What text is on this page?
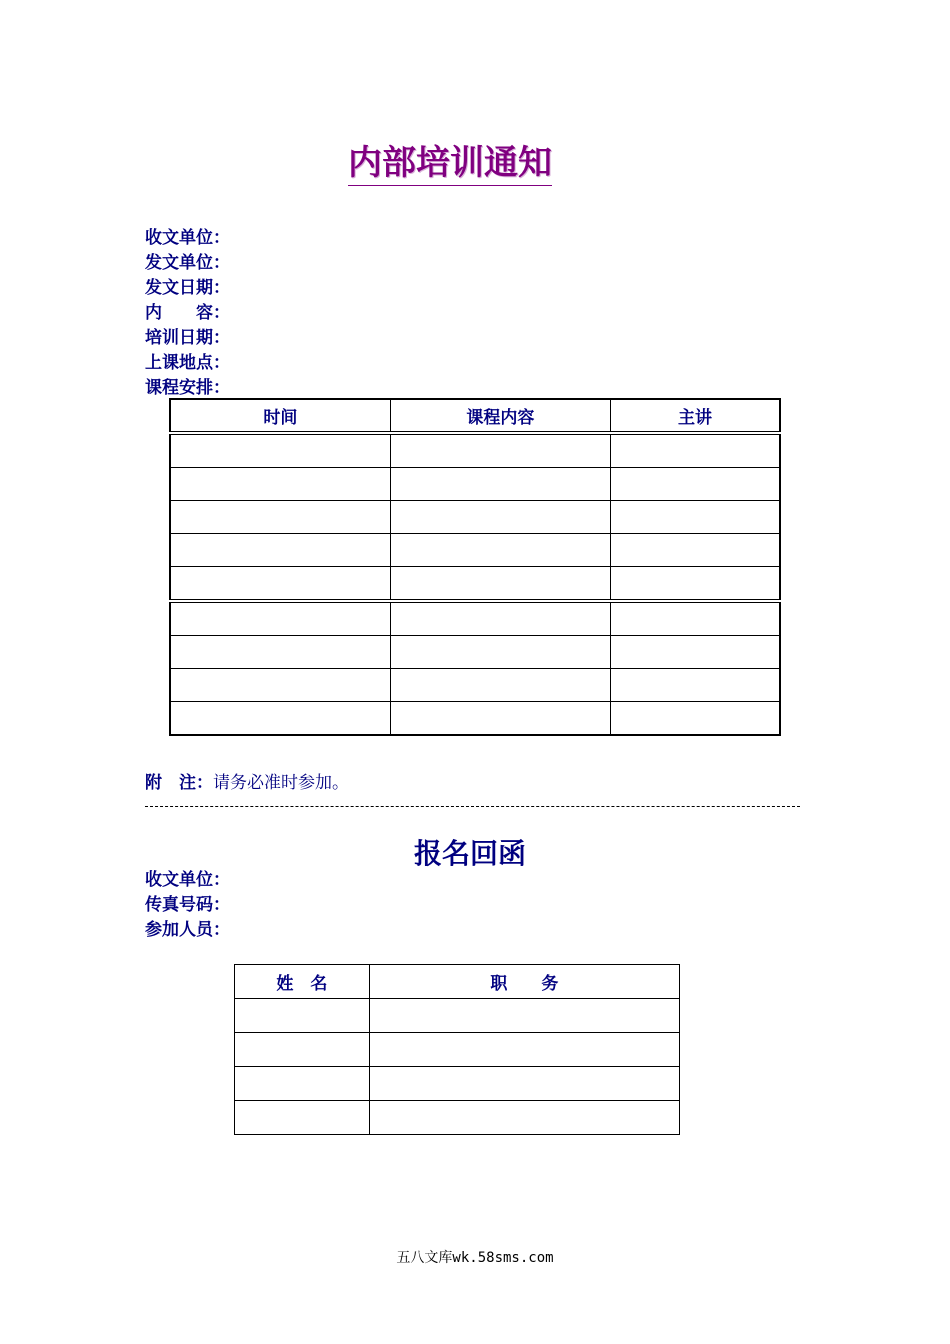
内部培训通知
收文单位：
发文单位：
发文日期：
内　　容：
培训日期：
上课地点：
课程安排：
时间	课程内容	主讲

附　注：请务必准时参加。
报名回函
收文单位：
传真号码：
参加人员：
姓　名	职　　务

五八文库wk.58sms.com
